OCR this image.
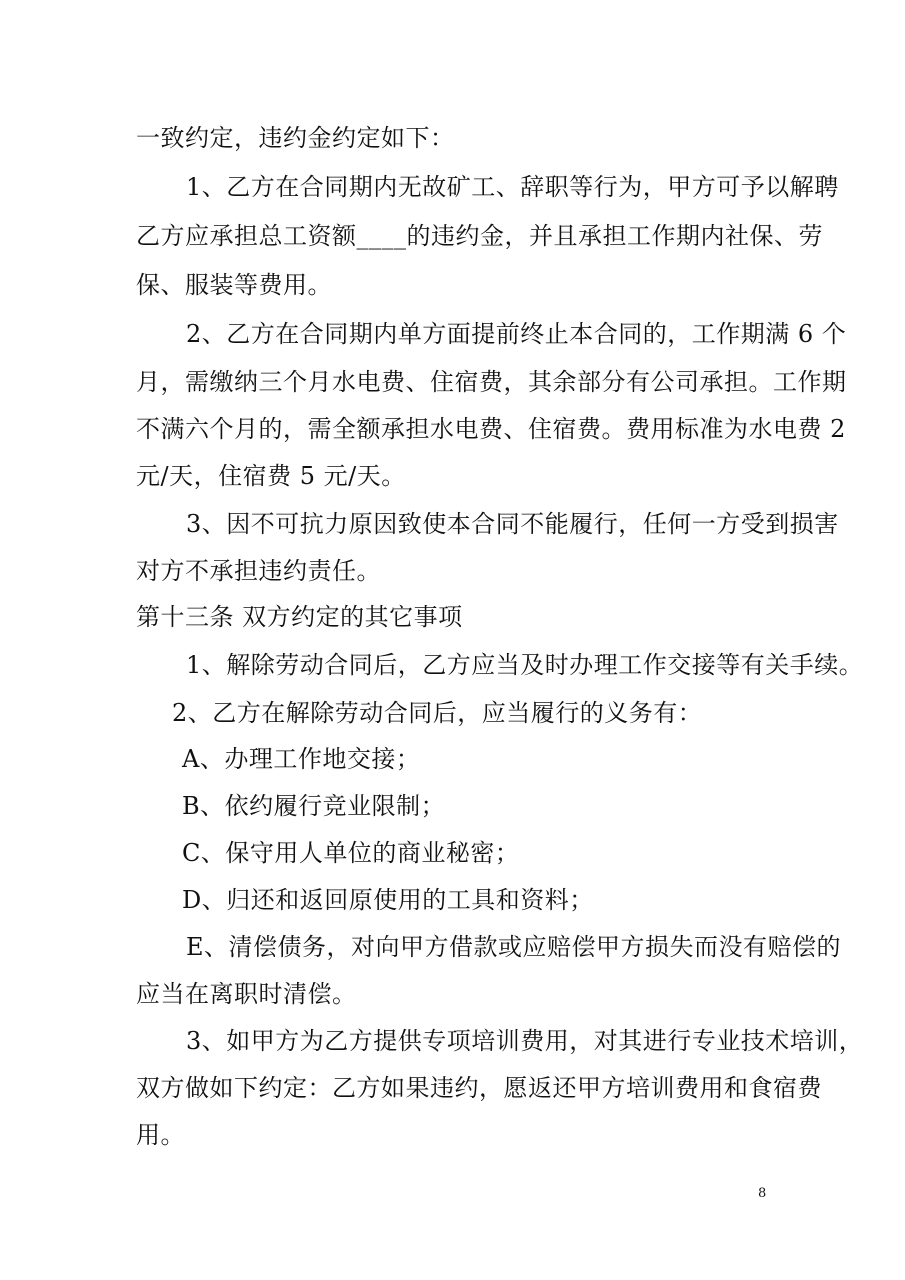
一致约定，违约金约定如下：
1、乙方在合同期内无故矿工、辞职等行为，甲方可予以解聘
乙方应承担总工资额____的违约金，并且承担工作期内社保、劳
保、服装等费用。
2、乙方在合同期内单方面提前终止本合同的，工作期满 6 个
月，需缴纳三个月水电费、住宿费，其余部分有公司承担。工作期
不满六个月的，需全额承担水电费、住宿费。费用标准为水电费 2
元/天，住宿费 5 元/天。
3、因不可抗力原因致使本合同不能履行，任何一方受到损害
对方不承担违约责任。
第十三条 双方约定的其它事项
1、解除劳动合同后，乙方应当及时办理工作交接等有关手续。
2、乙方在解除劳动合同后，应当履行的义务有：
A、办理工作地交接；
B、依约履行竞业限制；
C、保守用人单位的商业秘密；
D、归还和返回原使用的工具和资料；
E、清偿债务，对向甲方借款或应赔偿甲方损失而没有赔偿的
应当在离职时清偿。
3、如甲方为乙方提供专项培训费用，对其进行专业技术培训，
双方做如下约定：乙方如果违约，愿返还甲方培训费用和食宿费
用。
8
